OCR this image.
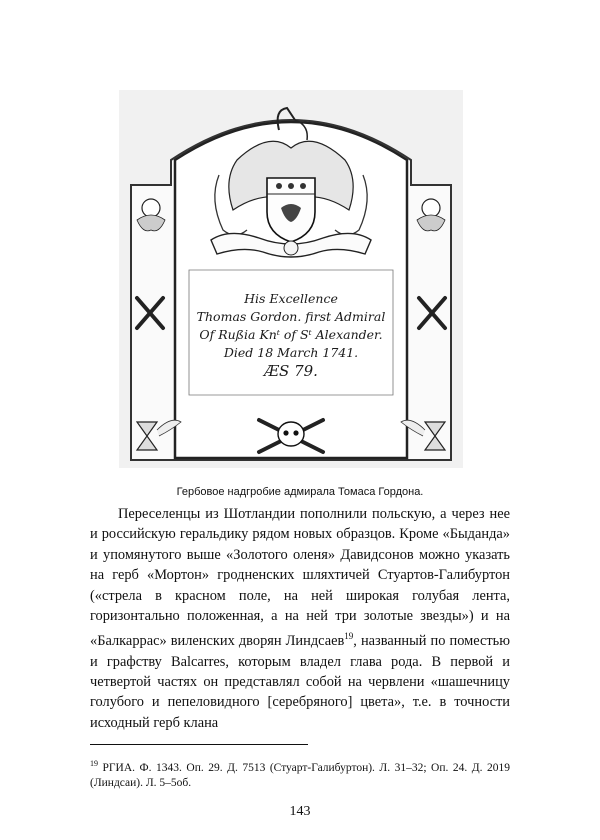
His Excellence
Thomas Gordon. first Admiral
Of Rußia Knᵗ of Sᵗ Alexander.
Died 18 March 1741.
ÆS 79.
Гербовое надгробие адмирала Томаса Гордона.

Переселенцы из Шотландии пополнили польскую, а через нее и российскую геральдику рядом новых образцов. Кроме «Быданда» и упомянутого выше «Золотого оленя» Давидсонов можно указать на герб «Мортон» гродненских шляхтичей Стуартов-Галибуртон («стрела в красном поле, на ней широкая голубая лента, горизонтально положенная, а на ней три золотые звезды») и на «Балкаррас» виленских дворян Линдсаев$^{19}$, названный по поместью и графству Balcarres, которым владел глава рода. В первой и четвертой частях он представлял собой на червлени «шашечницу голубого и пепеловидного [серебряного] цвета», т.е. в точности исходный герб клана

$^{19}$ РГИА. Ф. 1343. Оп. 29. Д. 7513 (Стуарт-Галибуртон). Л. 31–32; Оп. 24. Д. 2019 (Линдсаи). Л. 5–5об.
143
